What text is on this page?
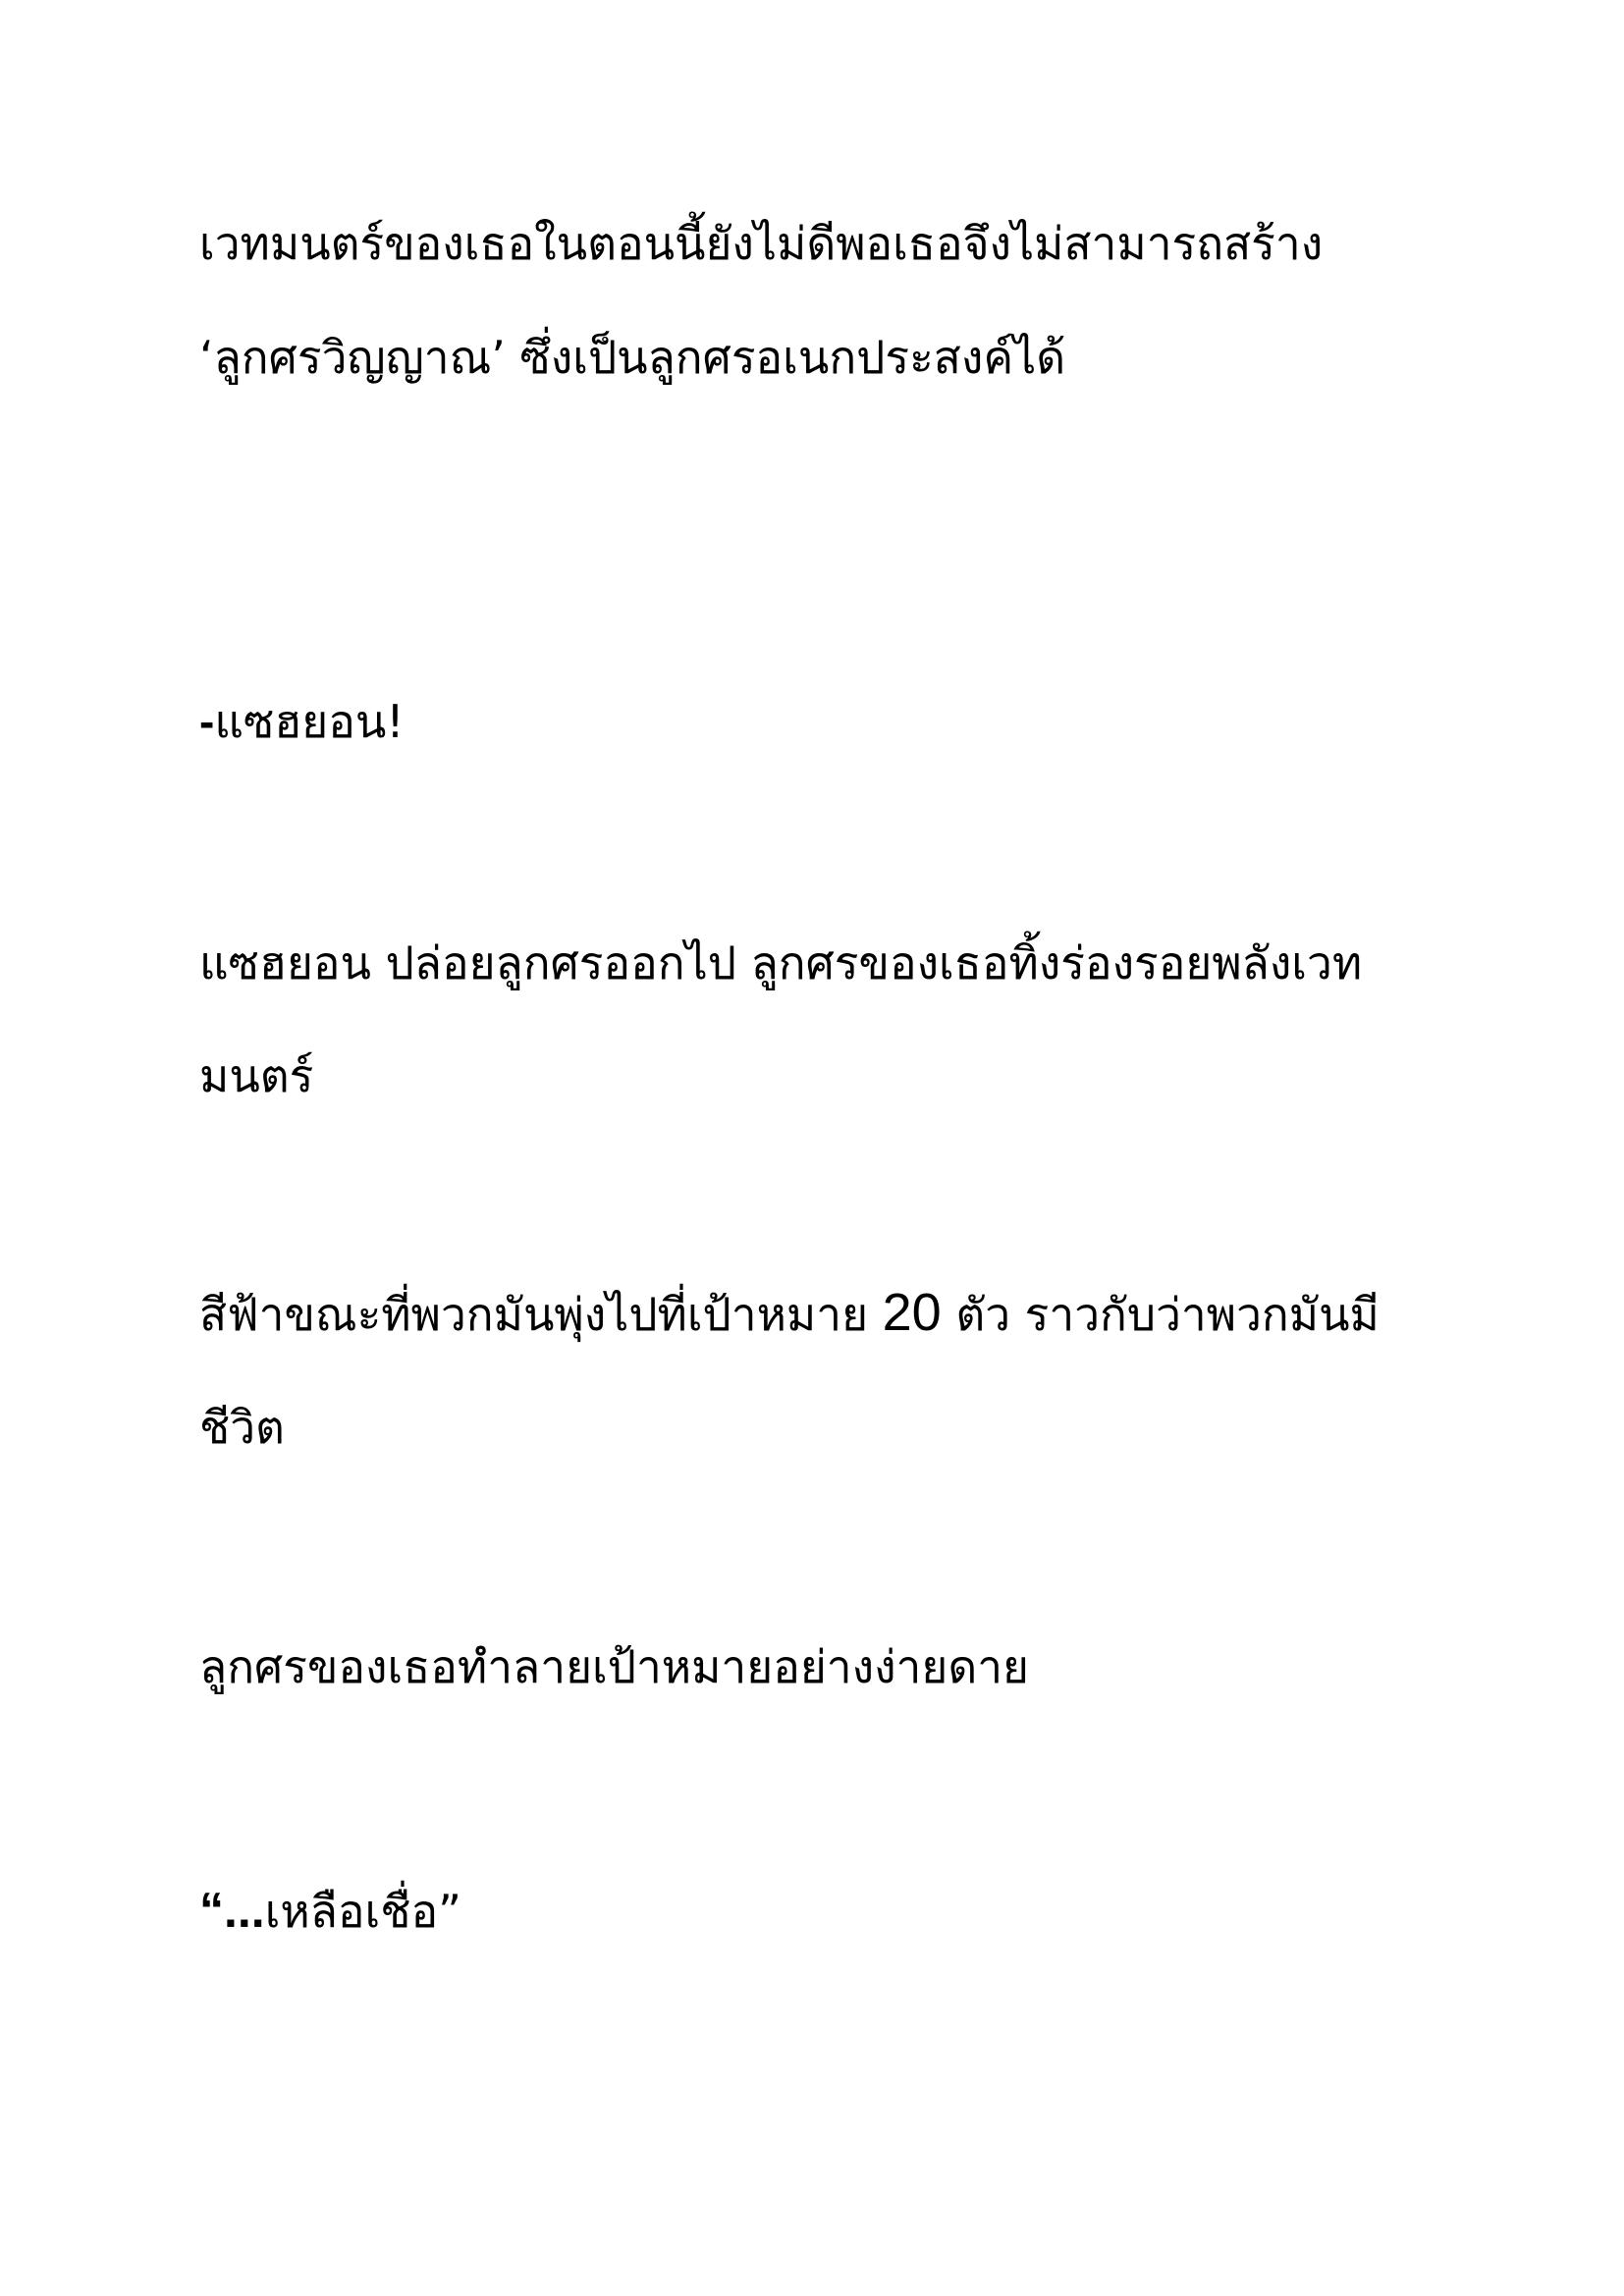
เวทมนตร์ของเธอในตอนนี้ยังไม่ดีพอเธอจึงไม่สามารถสร้าง

‘ลูกศรวิญญาณ’ ซึ่งเป็นลูกศรอเนกประสงค์ได้

-แซฮยอน!

แซฮยอน ปล่อยลูกศรออกไป ลูกศรของเธอทิ้งร่องรอยพลังเวท

มนตร์

สีฟ้าขณะที่พวกมันพุ่งไปที่เป้าหมาย 20 ตัว ราวกับว่าพวกมันมี

ชีวิต

ลูกศรของเธอทำลายเป้าหมายอย่างง่ายดาย

“...เหลือเชื่อ”
